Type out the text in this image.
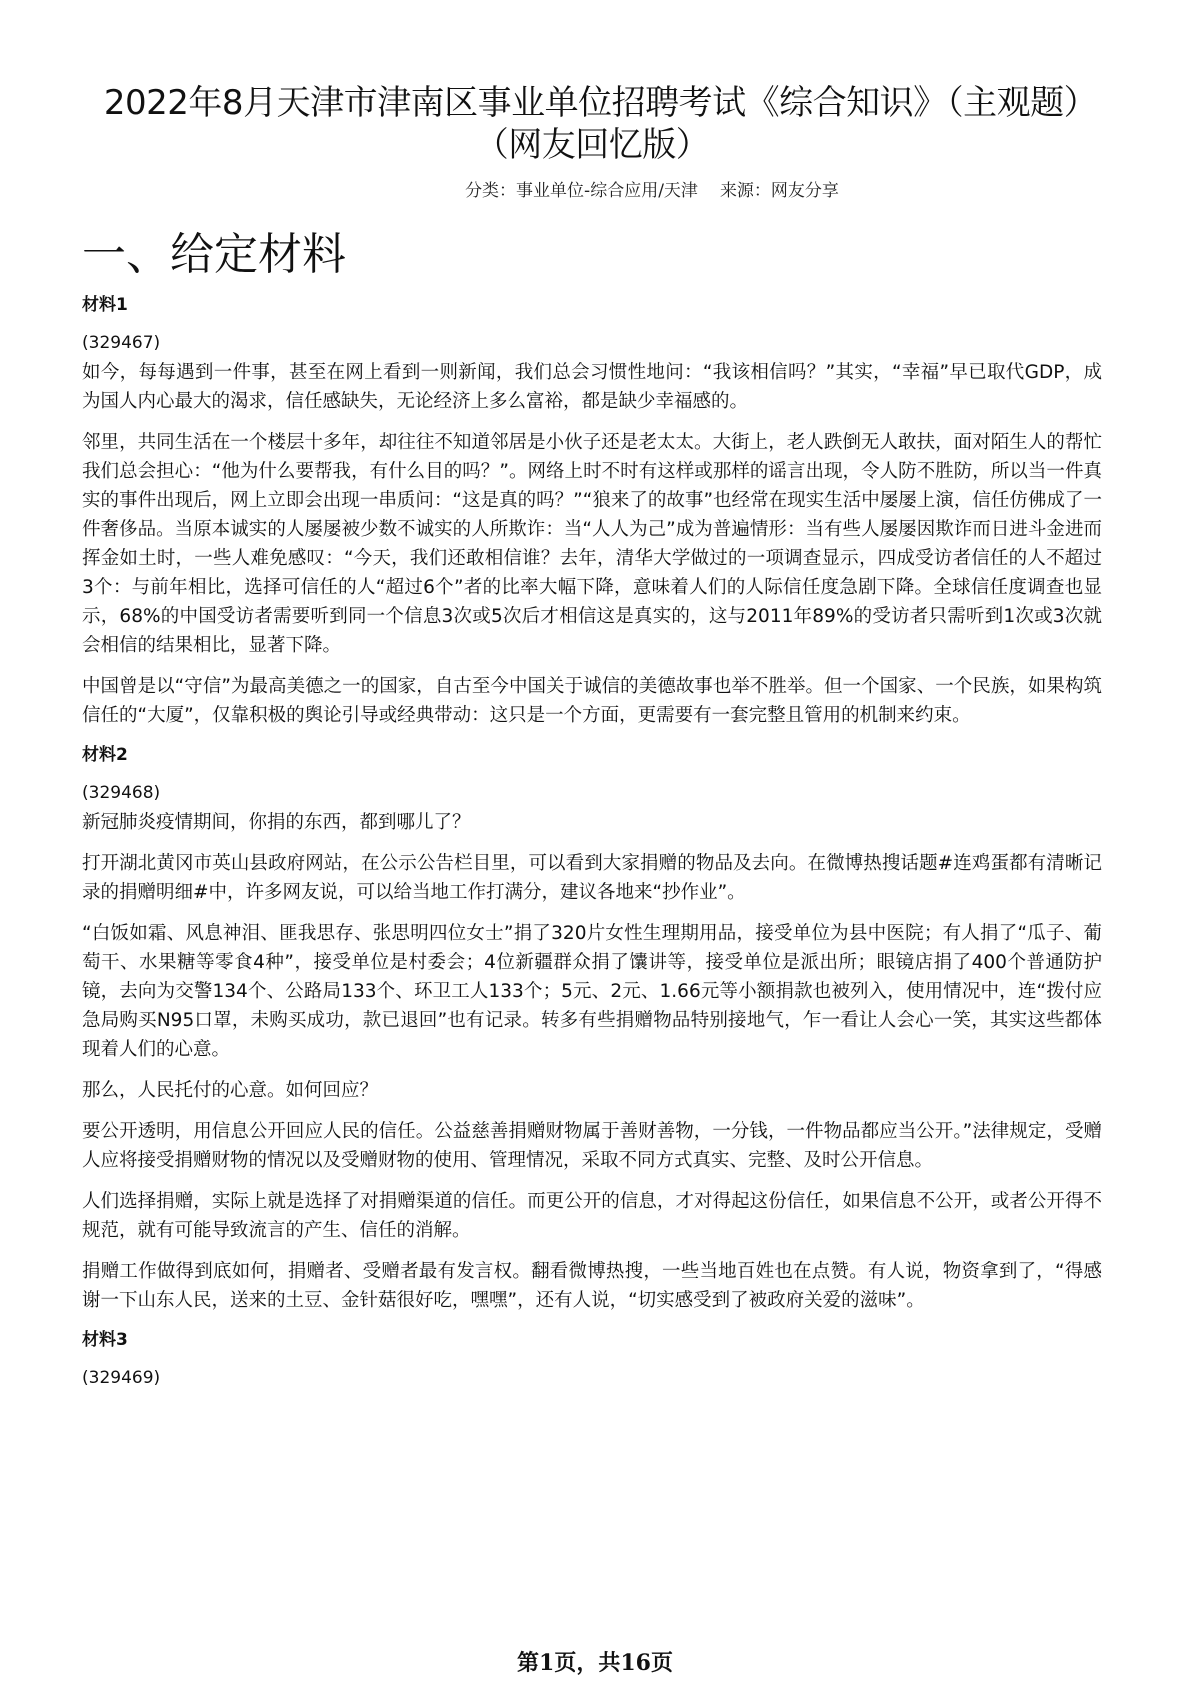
2022年8月天津市津南区事业单位招聘考试《综合知识》（主观题）（网友回忆版）
分类：事业单位-综合应用/天津 来源：网友分享
一、给定材料
材料1
(329467)

如今，每每遇到一件事，甚至在网上看到一则新闻，我们总会习惯性地问：“我该相信吗？”其实，“幸福”早已取代GDP，成为国人内心最大的渴求，信任感缺失，无论经济上多么富裕，都是缺少幸福感的。

邻里，共同生活在一个楼层十多年，却往往不知道邻居是小伙子还是老太太。大街上，老人跌倒无人敢扶，面对陌生人的帮忙我们总会担心：“他为什么要帮我，有什么目的吗？”。网络上时不时有这样或那样的谣言出现，令人防不胜防，所以当一件真实的事件出现后，网上立即会出现一串质问：“这是真的吗？”“狼来了的故事”也经常在现实生活中屡屡上演，信任仿佛成了一件奢侈品。当原本诚实的人屡屡被少数不诚实的人所欺诈：当“人人为己”成为普遍情形：当有些人屡屡因欺诈而日进斗金进而挥金如土时，一些人难免感叹：“今天，我们还敢相信谁？去年，清华大学做过的一项调查显示，四成受访者信任的人不超过3个：与前年相比，选择可信任的人“超过6个”者的比率大幅下降，意味着人们的人际信任度急剧下降。全球信任度调查也显示，68%的中国受访者需要听到同一个信息3次或5次后才相信这是真实的，这与2011年89%的受访者只需听到1次或3次就会相信的结果相比，显著下降。

中国曾是以“守信”为最高美德之一的国家，自古至今中国关于诚信的美德故事也举不胜举。但一个国家、一个民族，如果构筑信任的“大厦”，仅靠积极的舆论引导或经典带动：这只是一个方面，更需要有一套完整且管用的机制来约束。

材料2
(329468)

新冠肺炎疫情期间，你捐的东西，都到哪儿了？

打开湖北黄冈市英山县政府网站，在公示公告栏目里，可以看到大家捐赠的物品及去向。在微博热搜话题#连鸡蛋都有清晰记录的捐赠明细#中，许多网友说，可以给当地工作打满分，建议各地来“抄作业”。

“白饭如霜、风息神泪、匪我思存、张思明四位女士”捐了320片女性生理期用品，接受单位为县中医院；有人捐了“瓜子、葡萄干、水果糖等零食4种”，接受单位是村委会；4位新疆群众捐了馕讲等，接受单位是派出所；眼镜店捐了400个普通防护镜，去向为交警134个、公路局133个、环卫工人133个；5元、2元、1.66元等小额捐款也被列入，使用情况中，连“拨付应急局购买N95口罩，未购买成功，款已退回”也有记录。转多有些捐赠物品特别接地气，乍一看让人会心一笑，其实这些都体现着人们的心意。

那么，人民托付的心意。如何回应？

要公开透明，用信息公开回应人民的信任。公益慈善捐赠财物属于善财善物，一分钱，一件物品都应当公开。”法律规定，受赠人应将接受捐赠财物的情况以及受赠财物的使用、管理情况，采取不同方式真实、完整、及时公开信息。

人们选择捐赠，实际上就是选择了对捐赠渠道的信任。而更公开的信息，才对得起这份信任，如果信息不公开，或者公开得不规范，就有可能导致流言的产生、信任的消解。

捐赠工作做得到底如何，捐赠者、受赠者最有发言权。翻看微博热搜，一些当地百姓也在点赞。有人说，物资拿到了，“得感谢一下山东人民，送来的土豆、金针菇很好吃，嘿嘿”，还有人说，“切实感受到了被政府关爱的滋味”。

材料3
(329469)
第1页，共16页
